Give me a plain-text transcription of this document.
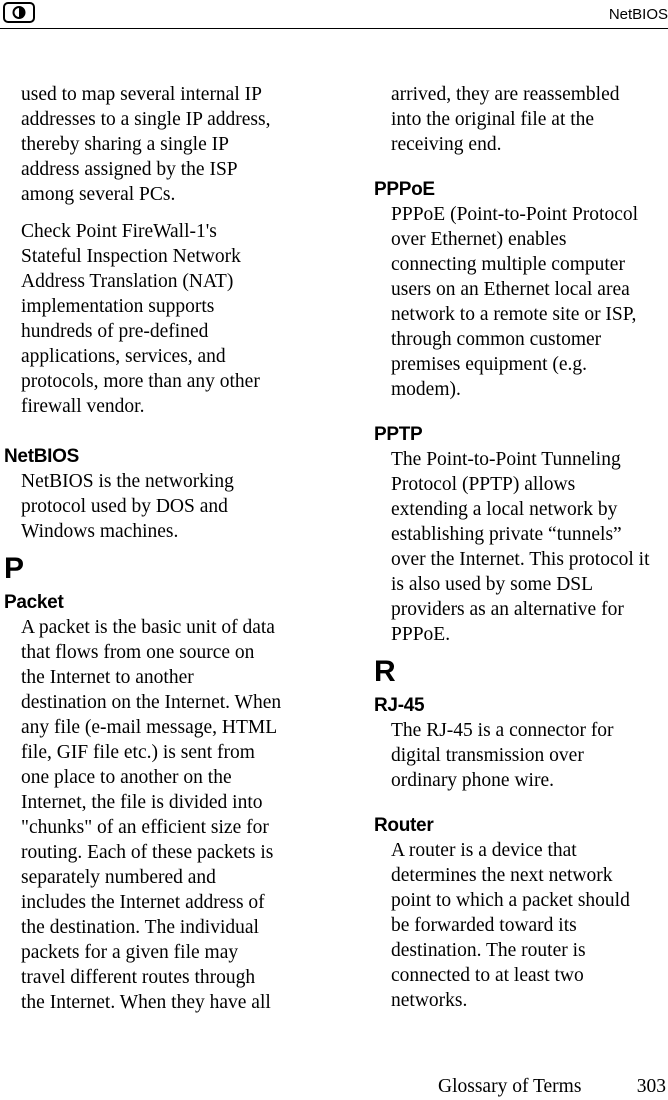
NetBIOS
used to map several internal IP
addresses to a single IP address,
thereby sharing a single IP
address assigned by the ISP
among several PCs.
Check Point FireWall-1's
Stateful Inspection Network
Address Translation (NAT)
implementation supports
hundreds of pre-defined
applications, services, and
protocols, more than any other
firewall vendor.
NetBIOS
NetBIOS is the networking
protocol used by DOS and
Windows machines.
P
Packet
A packet is the basic unit of data
that flows from one source on
the Internet to another
destination on the Internet. When
any file (e-mail message, HTML
file, GIF file etc.) is sent from
one place to another on the
Internet, the file is divided into
"chunks" of an efficient size for
routing. Each of these packets is
separately numbered and
includes the Internet address of
the destination. The individual
packets for a given file may
travel different routes through
the Internet. When they have all
arrived, they are reassembled
into the original file at the
receiving end.
PPPoE
PPPoE (Point-to-Point Protocol
over Ethernet) enables
connecting multiple computer
users on an Ethernet local area
network to a remote site or ISP,
through common customer
premises equipment (e.g.
modem).
PPTP
The Point-to-Point Tunneling
Protocol (PPTP) allows
extending a local network by
establishing private “tunnels”
over the Internet. This protocol it
is also used by some DSL
providers as an alternative for
PPPoE.
R
RJ-45
The RJ-45 is a connector for
digital transmission over
ordinary phone wire.
Router
A router is a device that
determines the next network
point to which a packet should
be forwarded toward its
destination. The router is
connected to at least two
networks.
Glossary of Terms	303
